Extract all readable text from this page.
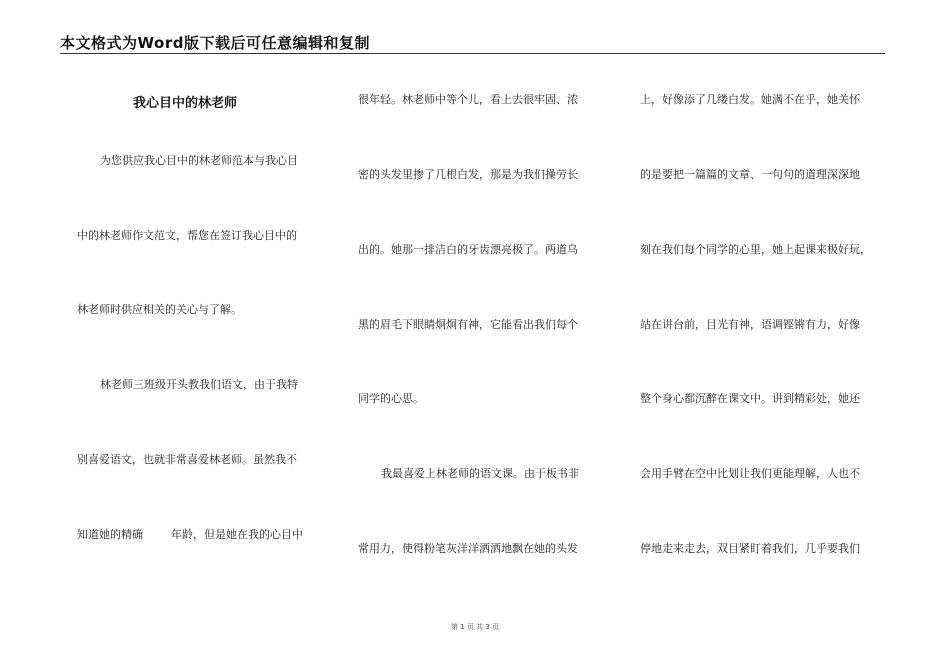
本文格式为Word版下载后可任意编辑和复制
我心目中的林老师
为您供应我心目中的林老师范本与我心目
中的林老师作文范文，帮您在签订我心目中的
林老师时供应相关的关心与了解。
林老师三班级开头教我们语文，由于我特
别喜爱语文，也就非常喜爱林老师。虽然我不
知道她的精确        年龄，但是她在我的心目中
很年轻。林老师中等个儿，看上去很牢固、浓
密的头发里掺了几根白发，那是为我们操劳长
出的。她那一排洁白的牙齿漂亮极了。两道乌
黑的眉毛下眼睛炯炯有神，它能看出我们每个
同学的心思。
我最喜爱上林老师的语文课。由于板书非
常用力，使得粉笔灰洋洋洒洒地飘在她的头发
上，好像添了几缕白发。她满不在乎，她关怀
的是要把一篇篇的文章、一句句的道理深深地
刻在我们每个同学的心里，她上起课来极好玩，
站在讲台前，目光有神，语调铿锵有力，好像
整个身心都沉醉在课文中。讲到精彩处，她还
会用手臂在空中比划让我们更能理解，人也不
停地走来走去，双目紧盯着我们，几乎要我们
第 1 页 共 3 页
